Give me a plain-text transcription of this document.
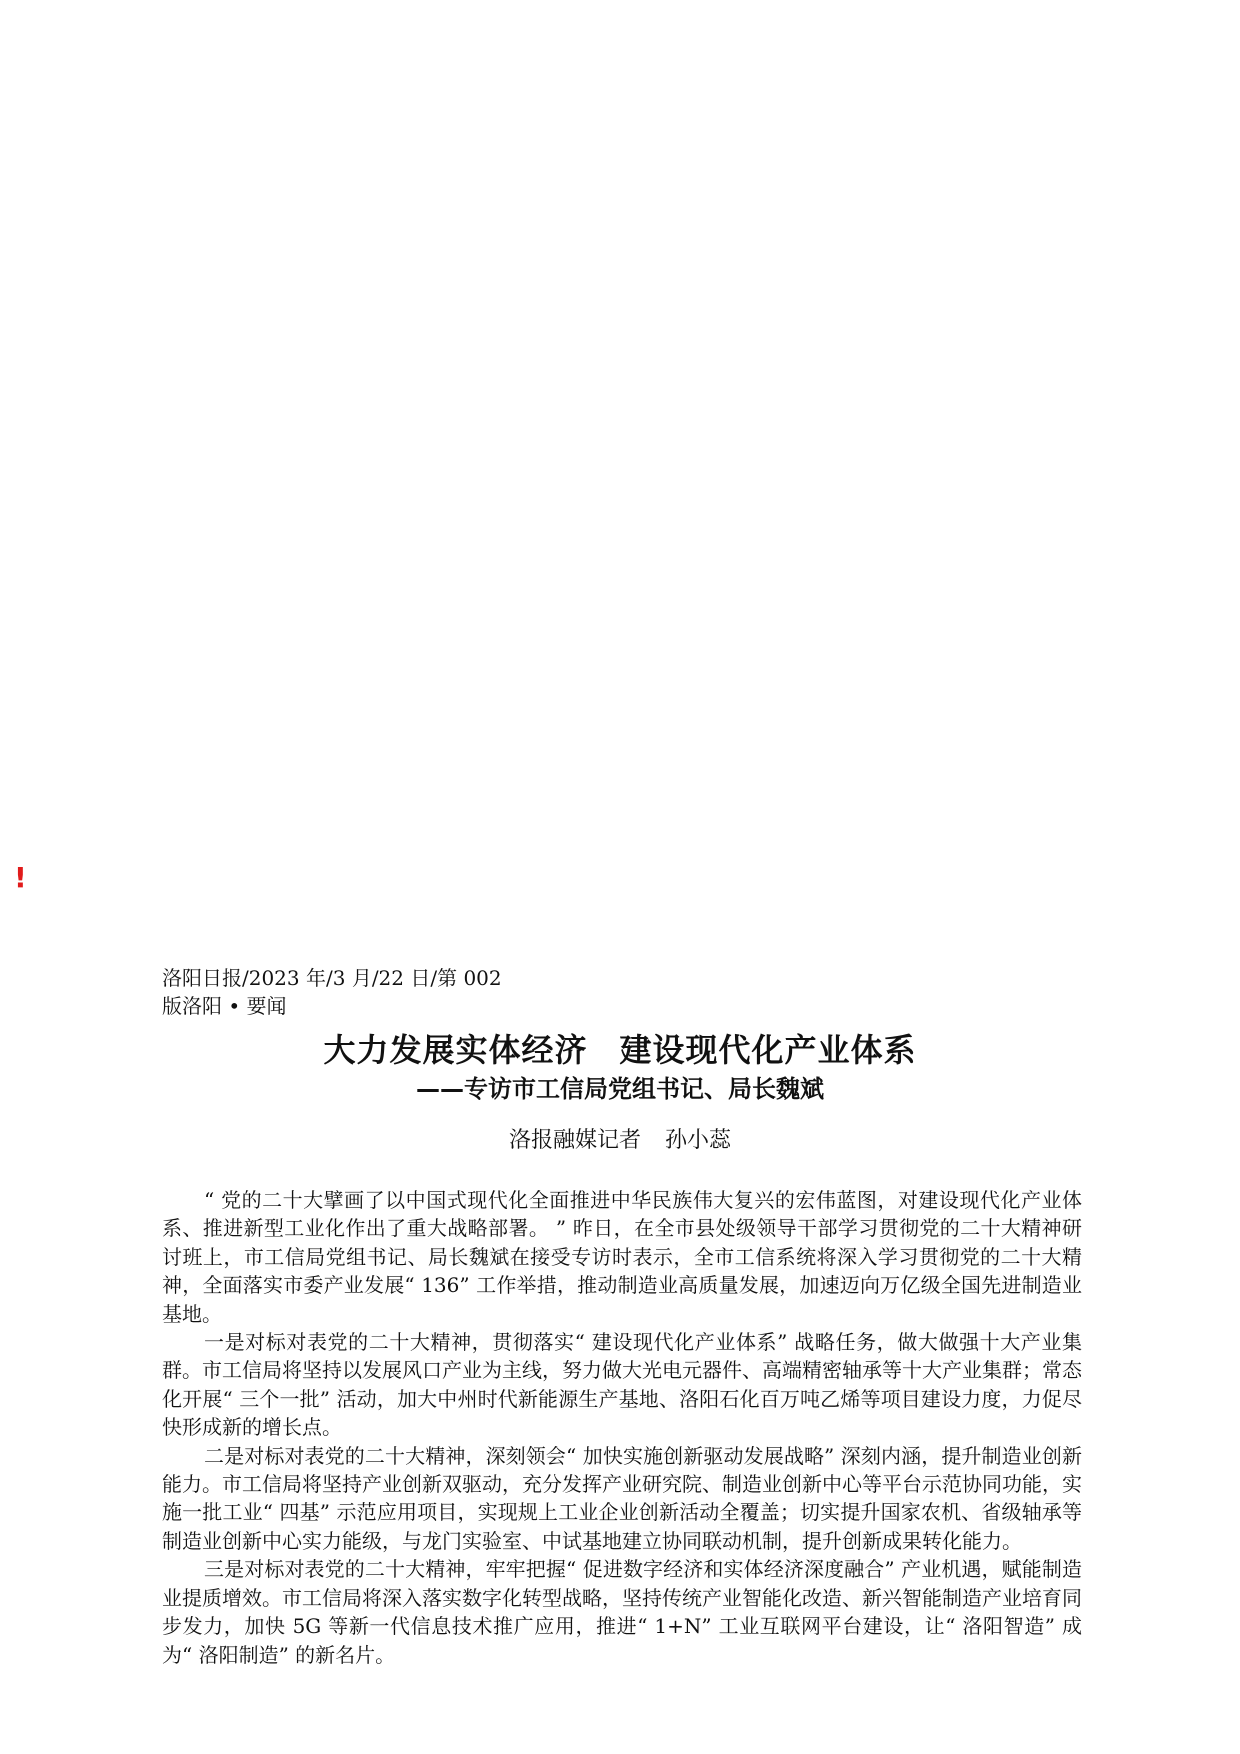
!
洛阳日报/2023 年/3 月/22 日/第 002
版洛阳 • 要闻
大力发展实体经济 建设现代化产业体系
——专访市工信局党组书记、局长魏斌
洛报融媒记者 孙小蕊

“ 党的二十大擘画了以中国式现代化全面推进中华民族伟大复兴的宏伟蓝图，对建设现代化产业体系、推进新型工业化作出了重大战略部署。 ” 昨日，在全市县处级领导干部学习贯彻党的二十大精神研讨班上，市工信局党组书记、局长魏斌在接受专访时表示，全市工信系统将深入学习贯彻党的二十大精神，全面落实市委产业发展“ 136” 工作举措，推动制造业高质量发展，加速迈向万亿级全国先进制造业基地。

一是对标对表党的二十大精神，贯彻落实“ 建设现代化产业体系” 战略任务，做大做强十大产业集群。市工信局将坚持以发展风口产业为主线，努力做大光电元器件、高端精密轴承等十大产业集群；常态化开展“ 三个一批” 活动，加大中州时代新能源生产基地、洛阳石化百万吨乙烯等项目建设力度，力促尽快形成新的增长点。

二是对标对表党的二十大精神，深刻领会“ 加快实施创新驱动发展战略” 深刻内涵，提升制造业创新能力。市工信局将坚持产业创新双驱动，充分发挥产业研究院、制造业创新中心等平台示范协同功能，实施一批工业“ 四基” 示范应用项目，实现规上工业企业创新活动全覆盖；切实提升国家农机、省级轴承等制造业创新中心实力能级，与龙门实验室、中试基地建立协同联动机制，提升创新成果转化能力。

三是对标对表党的二十大精神，牢牢把握“ 促进数字经济和实体经济深度融合” 产业机遇，赋能制造业提质增效。市工信局将深入落实数字化转型战略，坚持传统产业智能化改造、新兴智能制造产业培育同步发力，加快 5G 等新一代信息技术推广应用，推进“ 1+N” 工业互联网平台建设，让“ 洛阳智造” 成为“ 洛阳制造” 的新名片。
